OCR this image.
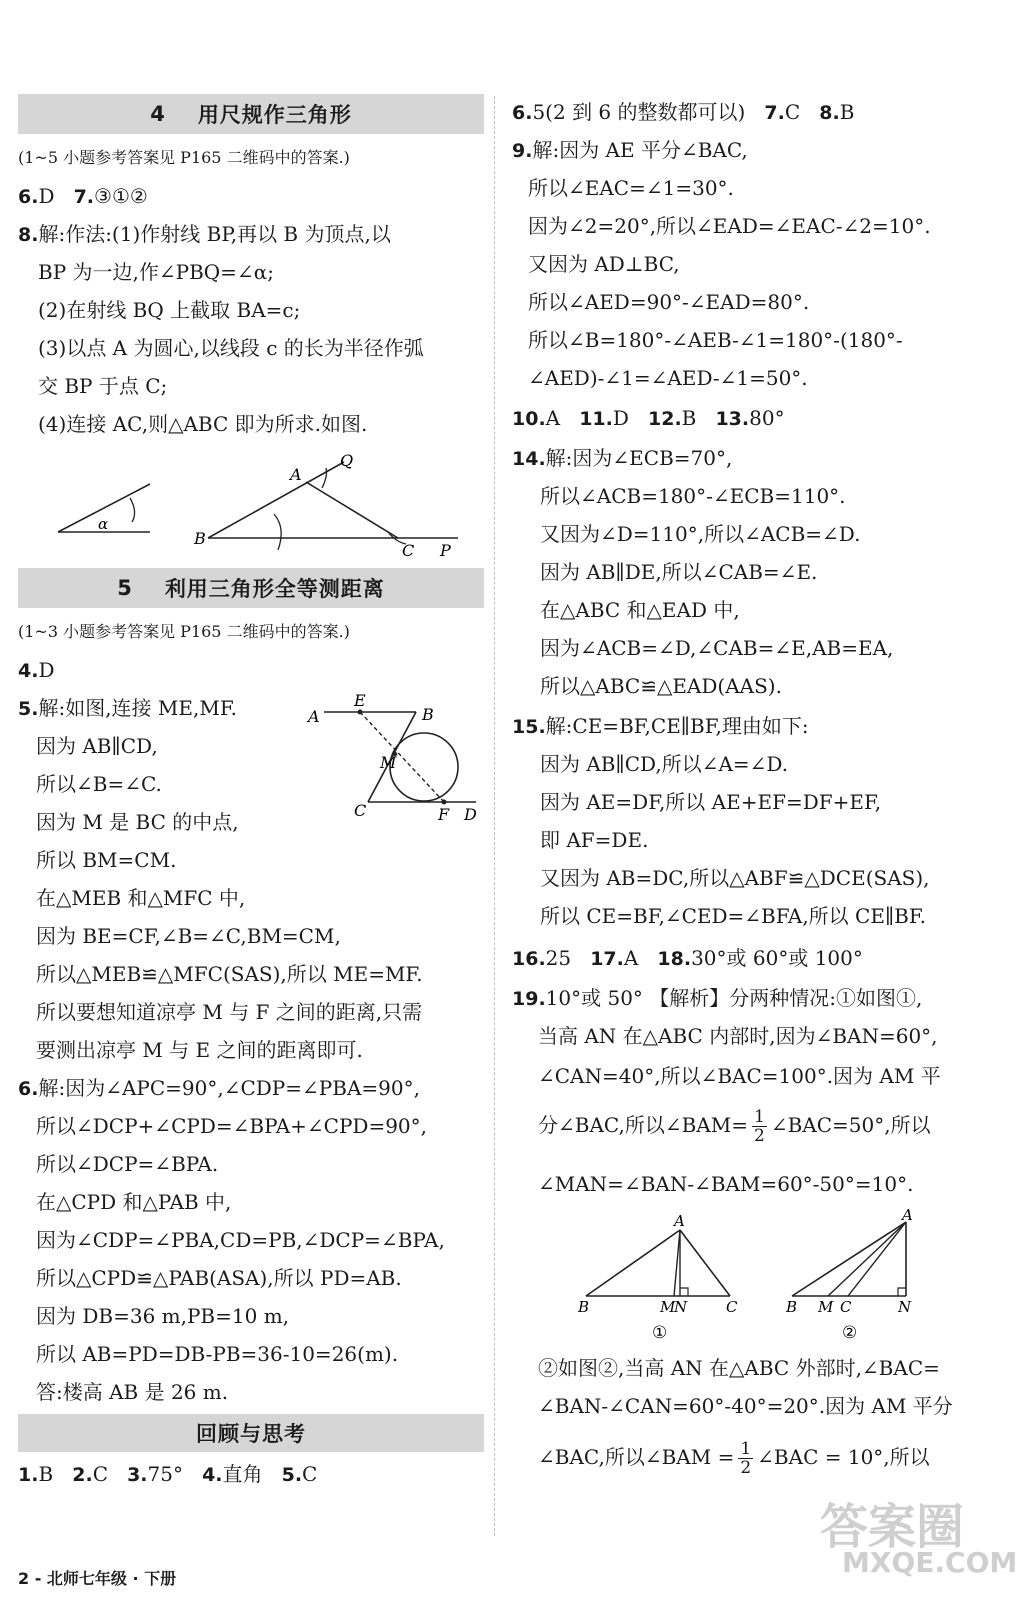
4 用尺规作三角形
(1~5 小题参考答案见 P165 二维码中的答案.)
6.D 7.③①②
8.解:作法:(1)作射线 BP,再以 B 为顶点,以
BP 为一边,作∠PBQ=∠α;
(2)在射线 BQ 上截取 BA=c;
(3)以点 A 为圆心,以线段 c 的长为半径作弧
交 BP 于点 C;
(4)连接 AC,则△ABC 即为所求.如图.
α
B
A
Q
C P
5 利用三角形全等测距离
(1~3 小题参考答案见 P165 二维码中的答案.)
4.D
5.解:如图,连接 ME,MF.
因为 AB∥CD,
所以∠B=∠C.
因为 M 是 BC 的中点,
所以 BM=CM.
在△MEB 和△MFC 中,
因为 BE=CF,∠B=∠C,BM=CM,
所以△MEB≌△MFC(SAS),所以 ME=MF.
所以要想知道凉亭 M 与 F 之间的距离,只需
要测出凉亭 M 与 E 之间的距离即可.
A
E
B
M
C	F D
6.解:因为∠APC=90°,∠CDP=∠PBA=90°,
所以∠DCP+∠CPD=∠BPA+∠CPD=90°,
所以∠DCP=∠BPA.
在△CPD 和△PAB 中,
因为∠CDP=∠PBA,CD=PB,∠DCP=∠BPA,
所以△CPD≌△PAB(ASA),所以 PD=AB.
因为 DB=36 m,PB=10 m,
所以 AB=PD=DB-PB=36-10=26(m).
答:楼高 AB 是 26 m.
回顾与思考
1.B 2.C 3.75° 4.直角 5.C
2 - 北师七年级 · 下册
6.5(2 到 6 的整数都可以) 7.C 8.B
9.解:因为 AE 平分∠BAC,
所以∠EAC=∠1=30°.
因为∠2=20°,所以∠EAD=∠EAC-∠2=10°.
又因为 AD⊥BC,
所以∠AED=90°-∠EAD=80°.
所以∠B=180°-∠AEB-∠1=180°-(180°-
∠AED)-∠1=∠AED-∠1=50°.
10.A 11.D 12.B 13.80°
14.解:因为∠ECB=70°,
所以∠ACB=180°-∠ECB=110°.
又因为∠D=110°,所以∠ACB=∠D.
因为 AB∥DE,所以∠CAB=∠E.
在△ABC 和△EAD 中,
因为∠ACB=∠D,∠CAB=∠E,AB=EA,
所以△ABC≌△EAD(AAS).
15.解:CE=BF,CE∥BF,理由如下:
因为 AB∥CD,所以∠A=∠D.
因为 AE=DF,所以 AE+EF=DF+EF,
即 AF=DE.
又因为 AB=DC,所以△ABF≌△DCE(SAS),
所以 CE=BF,∠CED=∠BFA,所以 CE∥BF.
16.25 17.A 18.30°或 60°或 100°
19.10°或 50° 【解析】分两种情况:①如图①,
当高 AN 在△ABC 内部时,因为∠BAN=60°,
∠CAN=40°,所以∠BAC=100°.因为 AM 平
分∠BAC,所以∠BAM= $\frac{1}{2}$ ∠BAC=50°,所以
∠MAN=∠BAN-∠BAM=60°-50°=10°.
A
B	M
N	C
①
A
B M C	N
②
②如图②,当高 AN 在△ABC 外部时,∠BAC=
∠BAN-∠CAN=60°-40°=20°.因为 AM 平分
∠BAC,所以∠BAM = $\frac{1}{2}$ ∠BAC = 10°,所以
答案圈
MXQE.COM
